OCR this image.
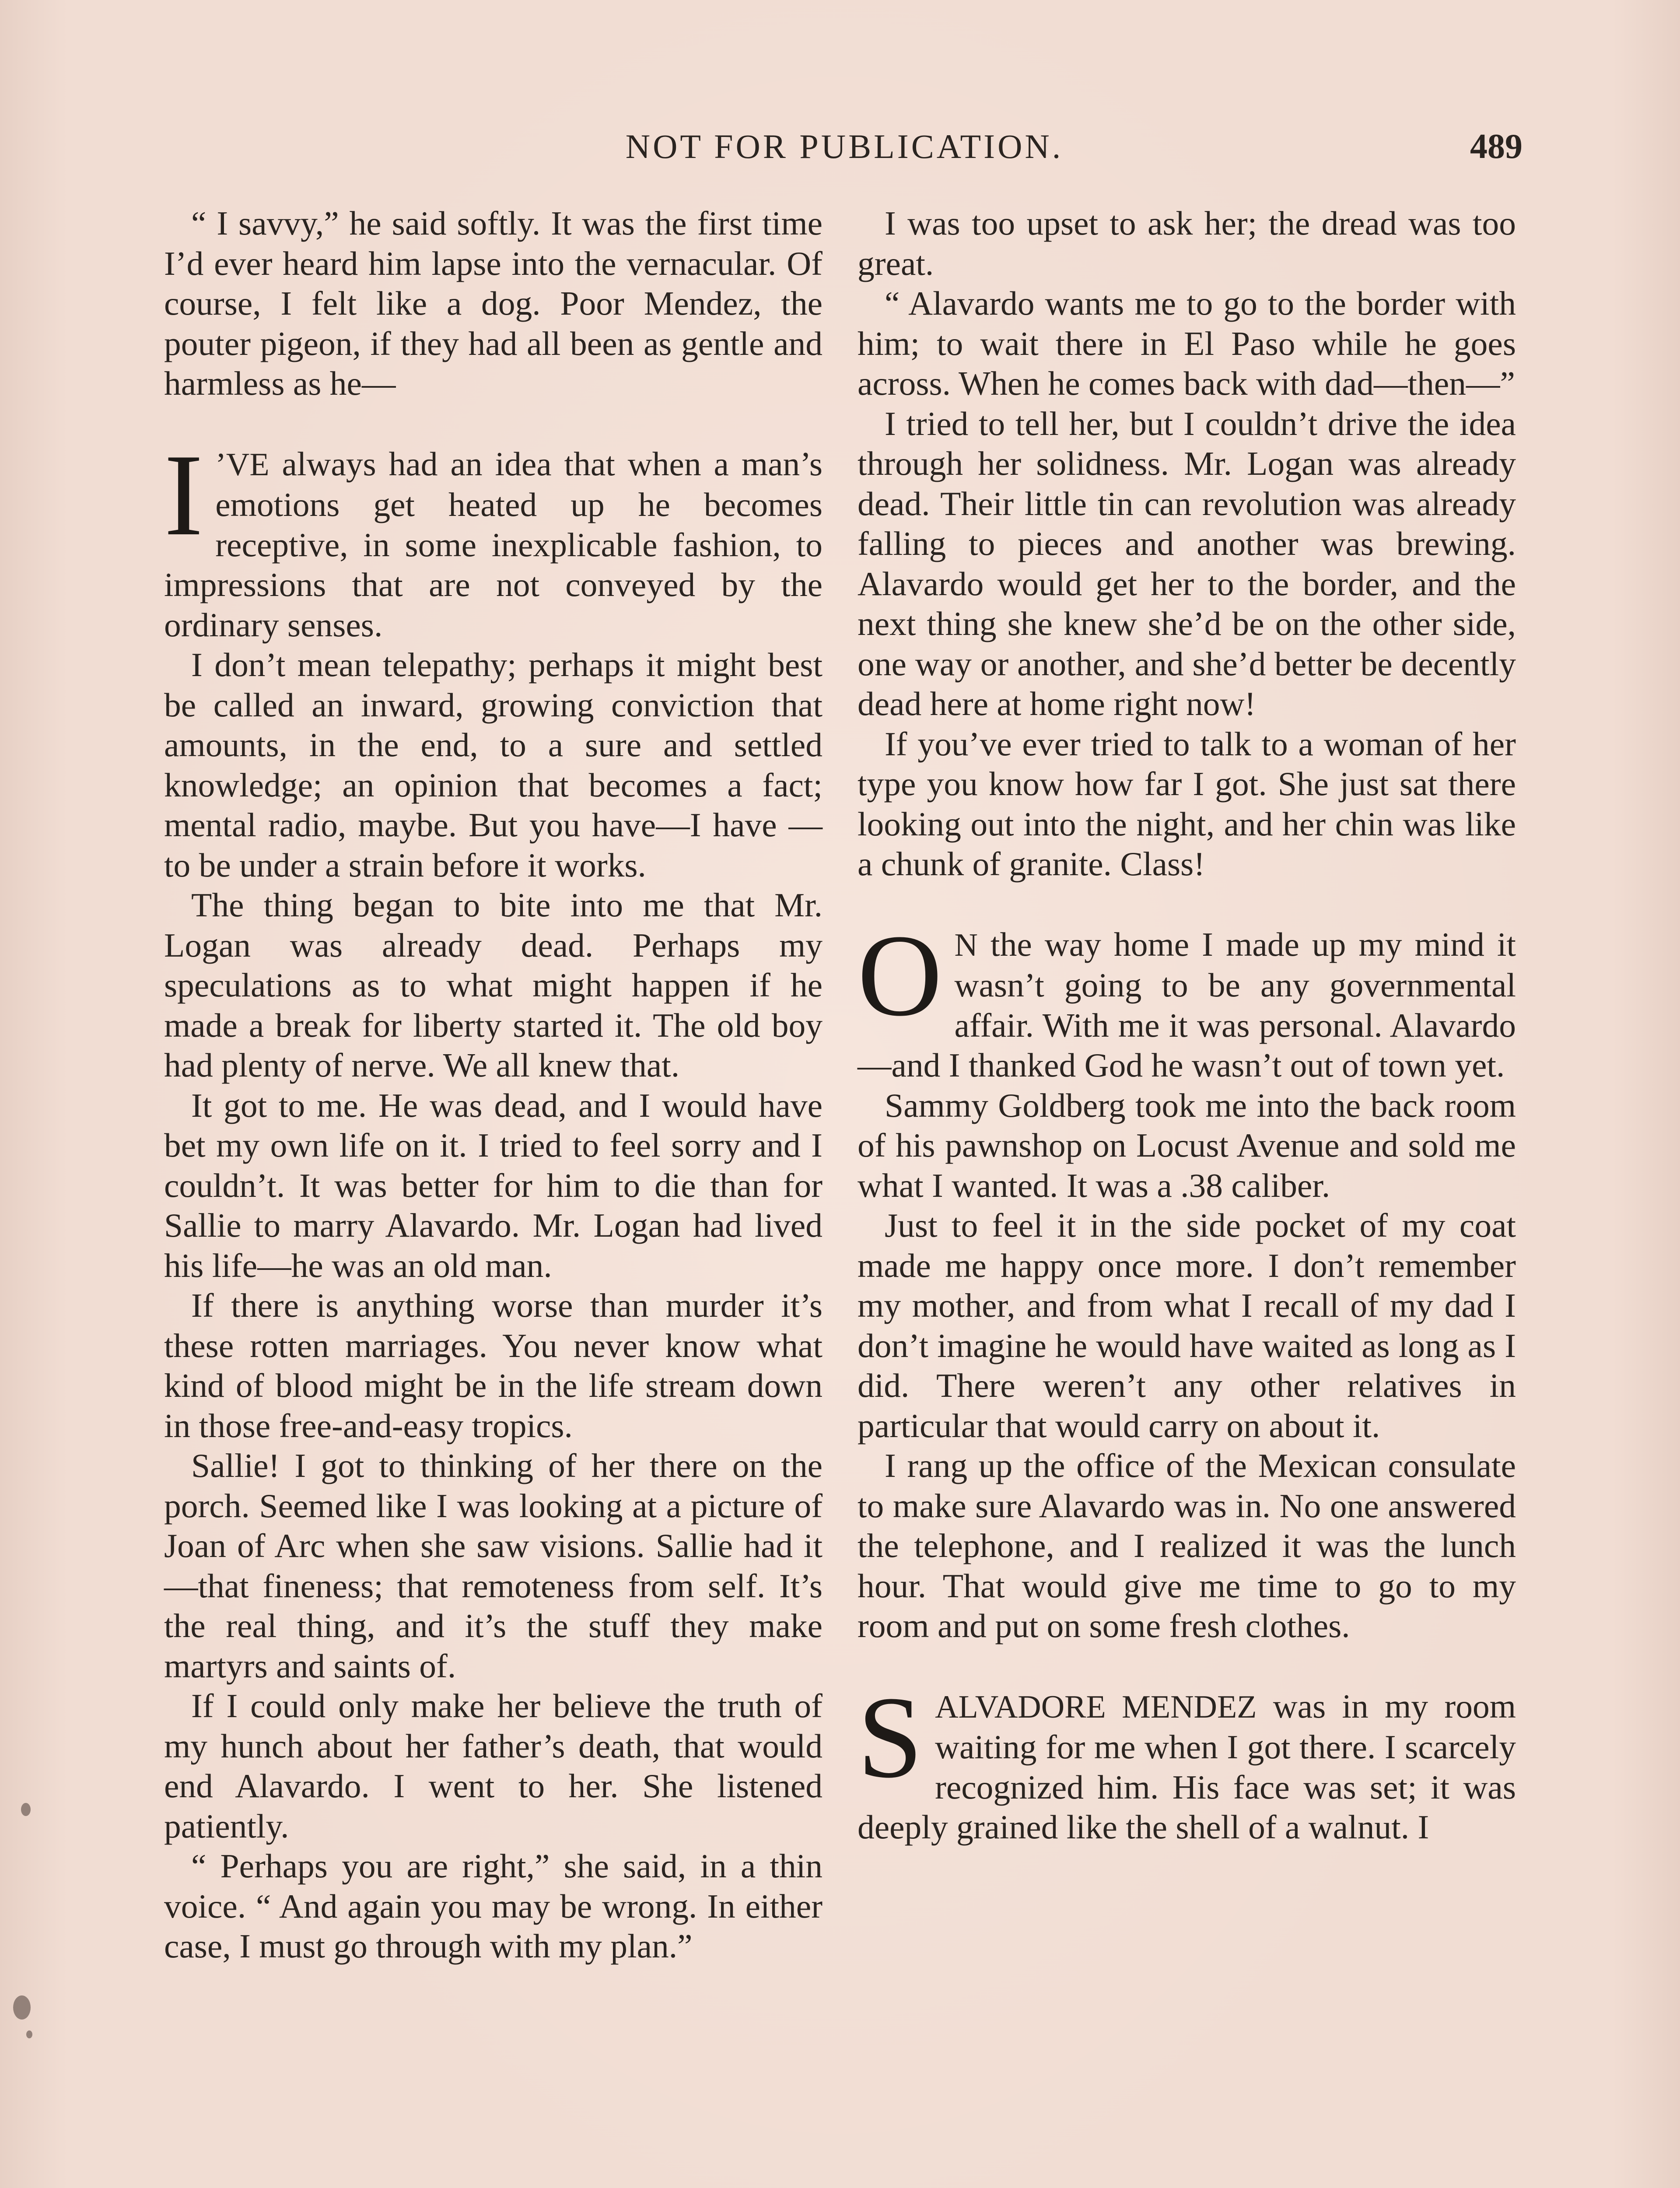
NOT FOR PUBLICATION.	489

“ I savvy,” he said softly. It was the first time I’d ever heard him lapse into the vernacular. Of course, I felt like a dog. Poor Mendez, the pouter pigeon, if they had all been as gentle and harmless as he—

I ’VE always had an idea that when a man’s emotions get heated up he becomes receptive, in some inexplicable fashion, to impressions that are not conveyed by the ordinary senses.

I don’t mean telepathy; perhaps it might best be called an inward, growing conviction that amounts, in the end, to a sure and settled knowledge; an opinion that becomes a fact; mental radio, maybe. But you have—I have —to be under a strain before it works.

The thing began to bite into me that Mr. Logan was already dead. Perhaps my speculations as to what might happen if he made a break for liberty started it. The old boy had plenty of nerve. We all knew that.

It got to me. He was dead, and I would have bet my own life on it. I tried to feel sorry and I couldn’t. It was better for him to die than for Sallie to marry Alavardo. Mr. Logan had lived his life—he was an old man.

If there is anything worse than murder it’s these rotten marriages. You never know what kind of blood might be in the life stream down in those free-and-easy tropics.

Sallie! I got to thinking of her there on the porch. Seemed like I was looking at a picture of Joan of Arc when she saw visions. Sallie had it—that fineness; that remoteness from self. It’s the real thing, and it’s the stuff they make martyrs and saints of.

If I could only make her believe the truth of my hunch about her father’s death, that would end Alavardo. I went to her. She listened patiently.

“ Perhaps you are right,” she said, in a thin voice. “ And again you may be wrong. In either case, I must go through with my plan.”

I was too upset to ask her; the dread was too great.

“ Alavardo wants me to go to the border with him; to wait there in El Paso while he goes across. When he comes back with dad—then—”

I tried to tell her, but I couldn’t drive the idea through her solidness. Mr. Logan was already dead. Their little tin can revolution was already falling to pieces and another was brewing. Alavardo would get her to the border, and the next thing she knew she’d be on the other side, one way or another, and she’d better be decently dead here at home right now!

If you’ve ever tried to talk to a woman of her type you know how far I got. She just sat there looking out into the night, and her chin was like a chunk of granite. Class!

O N the way home I made up my mind it wasn’t going to be any governmental affair. With me it was personal. Alavardo—and I thanked God he wasn’t out of town yet.

Sammy Goldberg took me into the back room of his pawnshop on Locust Avenue and sold me what I wanted. It was a .38 caliber.

Just to feel it in the side pocket of my coat made me happy once more. I don’t remember my mother, and from what I recall of my dad I don’t imagine he would have waited as long as I did. There weren’t any other relatives in particular that would carry on about it.

I rang up the office of the Mexican consulate to make sure Alavardo was in. No one answered the telephone, and I realized it was the lunch hour. That would give me time to go to my room and put on some fresh clothes.

SALVADORE MENDEZ was in my room waiting for me when I got there. I scarcely recognized him. His face was set; it was deeply grained like the shell of a walnut. I
